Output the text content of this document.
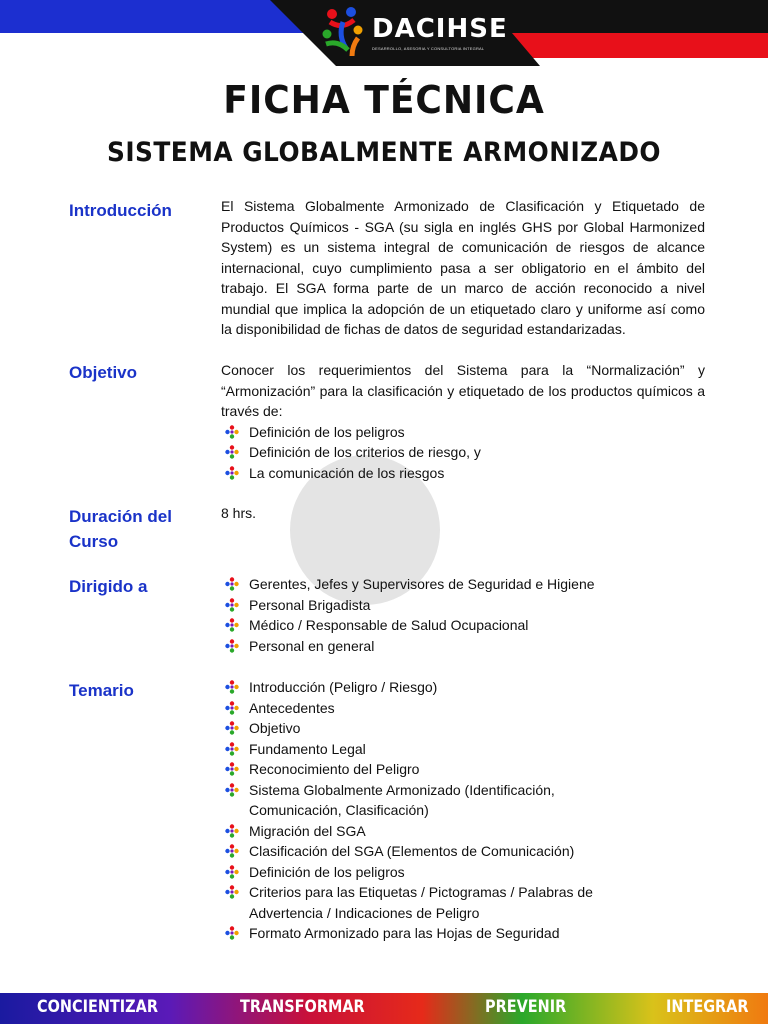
DACIHSE
DESARROLLO, ASESORIA Y CONSULTORIA INTEGRAL
FICHA TÉCNICA
SISTEMA GLOBALMENTE ARMONIZADO
Introducción	El Sistema Globalmente Armonizado de Clasificación y Etiquetado de Productos Químicos - SGA (su sigla en inglés GHS por Global Harmonized System) es un sistema integral de comunicación de riesgos de alcance internacional, cuyo cumplimiento pasa a ser obligatorio en el ámbito del trabajo. El SGA forma parte de un marco de acción reconocido a nivel mundial que implica la adopción de un etiquetado claro y uniforme así como la disponibilidad de fichas de datos de seguridad estandarizadas.
Objetivo	Conocer los requerimientos del Sistema para la “Normalización” y “Armonización” para la clasificación y etiquetado de los productos químicos a través de:
Definición de los peligros
Definición de los criterios de riesgo, y
La comunicación de los riesgos
Duración del
Curso
8 hrs.
Dirigido a	Gerentes, Jefes y Supervisores de Seguridad e Higiene
Personal Brigadista
Médico / Responsable de Salud Ocupacional
Personal en general
Temario	Introducción (Peligro / Riesgo)
Antecedentes
Objetivo
Fundamento Legal
Reconocimiento del Peligro
Sistema Globalmente Armonizado (Identificación, Comunicación, Clasificación)
Migración del SGA
Clasificación del SGA (Elementos de Comunicación)
Definición de los peligros
Criterios para las Etiquetas / Pictogramas / Palabras de Advertencia / Indicaciones de Peligro
Formato Armonizado para las Hojas de Seguridad
CONCIENTIZAR	TRANSFORMAR	PREVENIR	INTEGRAR
